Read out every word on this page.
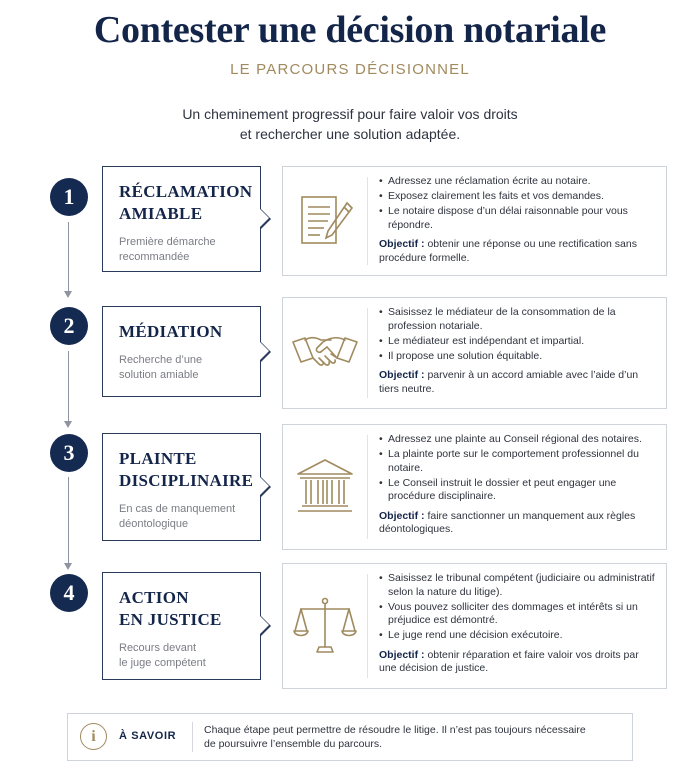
Contester une décision notariale
LE PARCOURS DÉCISIONNEL
Un cheminement progressif pour faire valoir vos droits
et rechercher une solution adaptée.
1	RÉCLAMATION
AMIABLE
Première démarche
recommandée
• Adressez une réclamation écrite au notaire.
• Exposez clairement les faits et vos demandes.
• Le notaire dispose d’un délai raisonnable pour vous répondre.
Objectif : obtenir une réponse ou une rectification sans procédure formelle.
2	MÉDIATION
Recherche d’une
solution amiable
• Saisissez le médiateur de la consommation de la profession notariale.
• Le médiateur est indépendant et impartial.
• Il propose une solution équitable.
Objectif : parvenir à un accord amiable avec l’aide d’un tiers neutre.
3	PLAINTE
DISCIPLINAIRE
En cas de manquement
déontologique
• Adressez une plainte au Conseil régional des notaires.
• La plainte porte sur le comportement professionnel du notaire.
• Le Conseil instruit le dossier et peut engager une procédure disciplinaire.
Objectif : faire sanctionner un manquement aux règles déontologiques.
4	ACTION
EN JUSTICE
Recours devant
le juge compétent
• Saisissez le tribunal compétent (judiciaire ou administratif selon la nature du litige).
• Vous pouvez solliciter des dommages et intérêts si un préjudice est démontré.
• Le juge rend une décision exécutoire.
Objectif : obtenir réparation et faire valoir vos droits par une décision de justice.
i	À SAVOIR	Chaque étape peut permettre de résoudre le litige. Il n’est pas toujours nécessaire
de poursuivre l’ensemble du parcours.
